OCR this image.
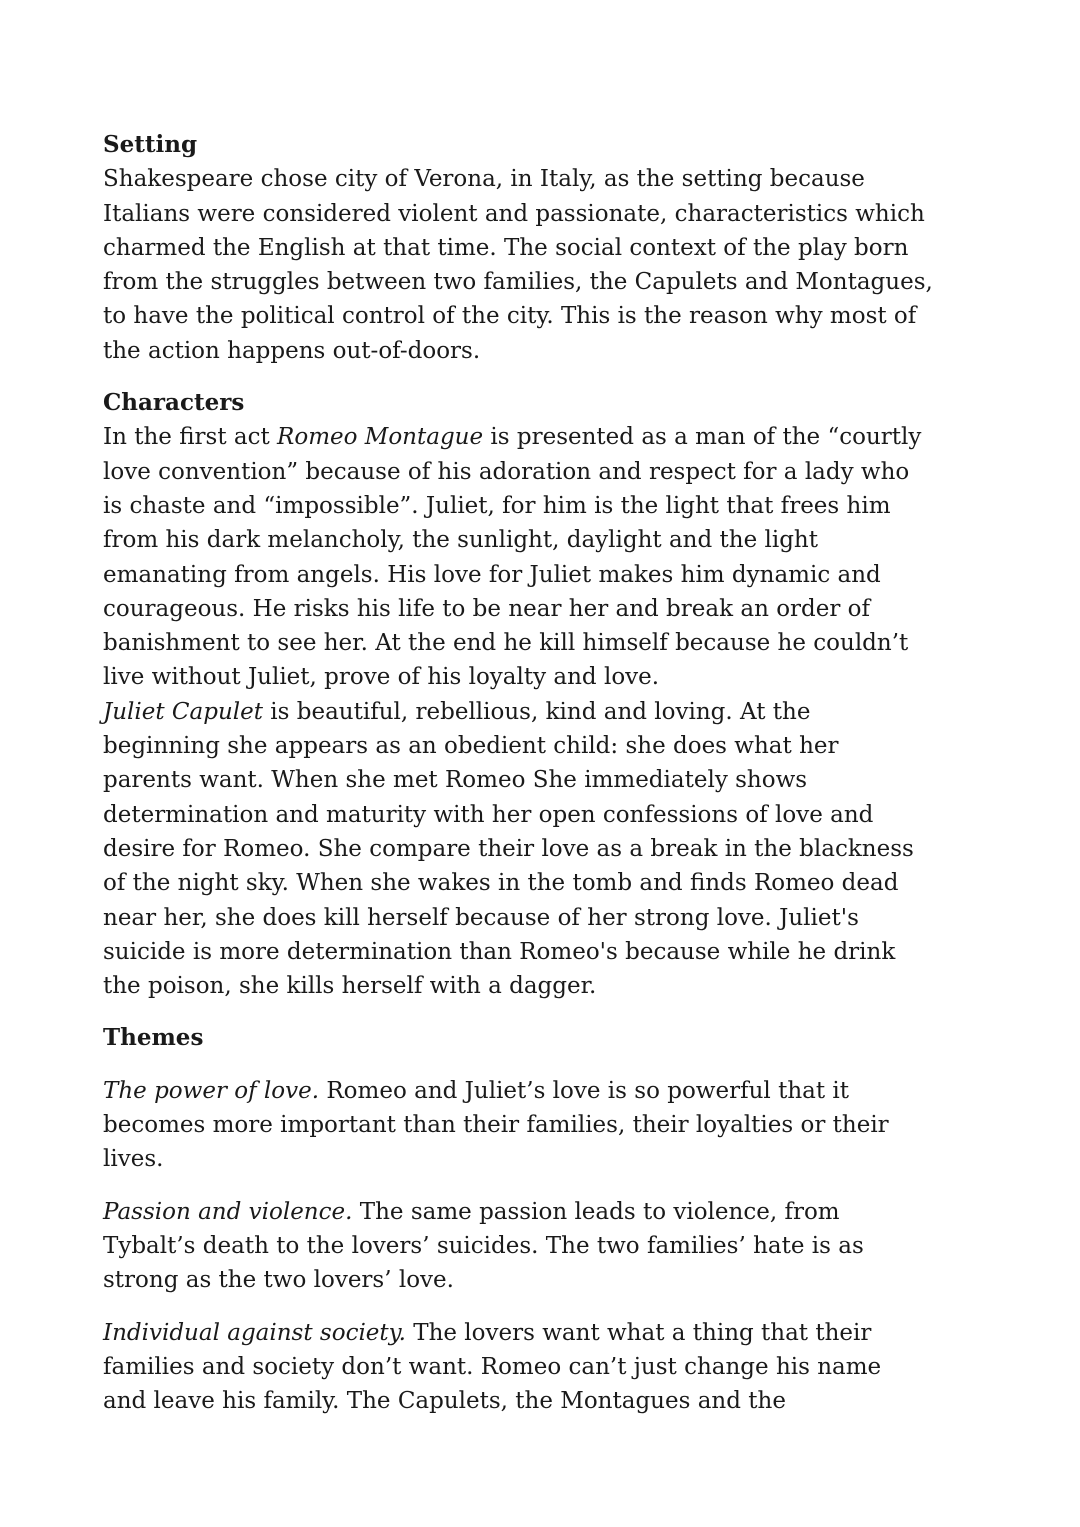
Setting
Shakespeare chose city of Verona, in Italy, as the setting because
Italians were considered violent and passionate, characteristics which
charmed the English at that time. The social context of the play born
from the struggles between two families, the Capulets and Montagues,
to have the political control of the city. This is the reason why most of
the action happens out-of-doors.
Characters
In the first act Romeo Montague is presented as a man of the “courtly
love convention” because of his adoration and respect for a lady who
is chaste and “impossible”. Juliet, for him is the light that frees him
from his dark melancholy, the sunlight, daylight and the light
emanating from angels. His love for Juliet makes him dynamic and
courageous. He risks his life to be near her and break an order of
banishment to see her. At the end he kill himself because he couldn’t
live without Juliet, prove of his loyalty and love.
Juliet Capulet is beautiful, rebellious, kind and loving. At the
beginning she appears as an obedient child: she does what her
parents want. When she met Romeo She immediately shows
determination and maturity with her open confessions of love and
desire for Romeo. She compare their love as a break in the blackness
of the night sky. When she wakes in the tomb and finds Romeo dead
near her, she does kill herself because of her strong love. Juliet's
suicide is more determination than Romeo's because while he drink
the poison, she kills herself with a dagger.
Themes
The power of love. Romeo and Juliet’s love is so powerful that it
becomes more important than their families, their loyalties or their
lives.
Passion and violence. The same passion leads to violence, from
Tybalt’s death to the lovers’ suicides. The two families’ hate is as
strong as the two lovers’ love.
Individual against society. The lovers want what a thing that their
families and society don’t want. Romeo can’t just change his name
and leave his family. The Capulets, the Montagues and the
